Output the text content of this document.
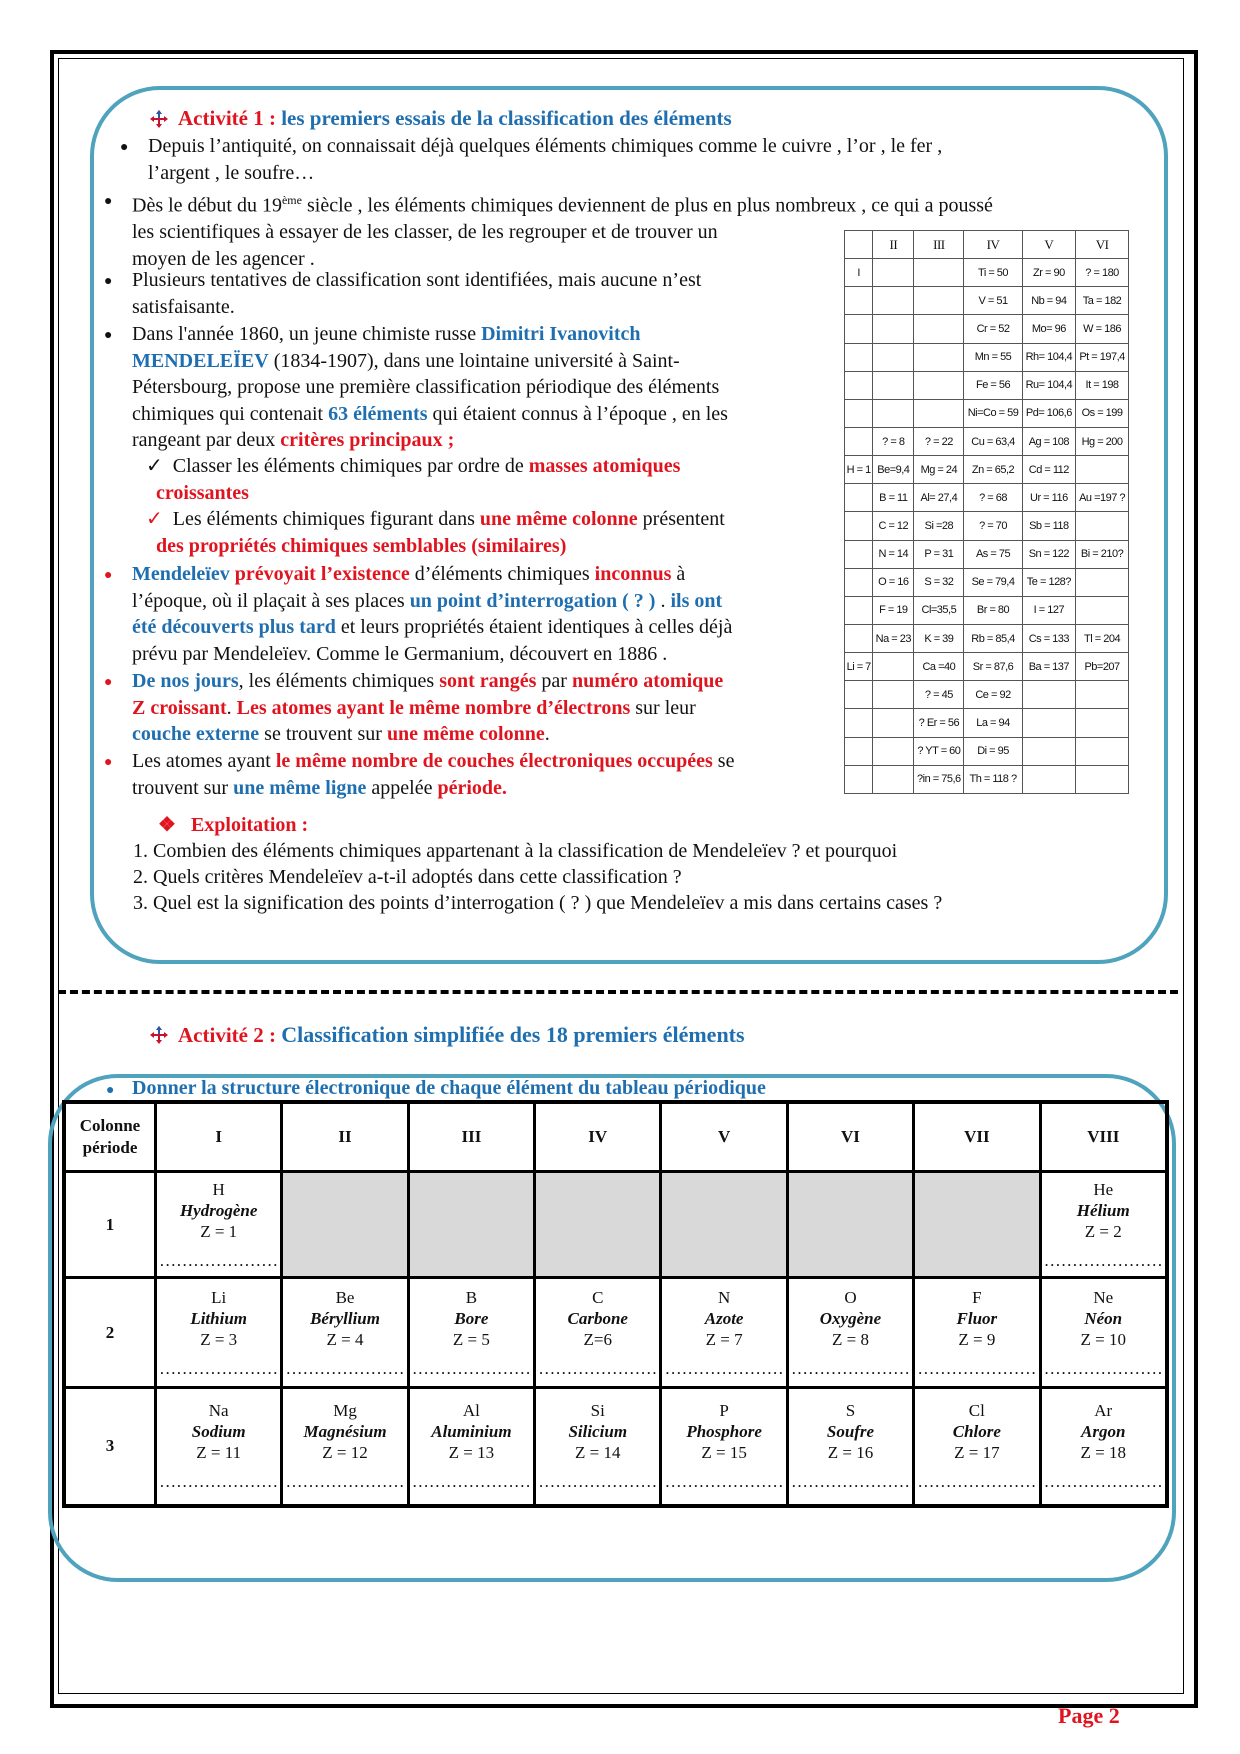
Activité 1 : les premiers essais de la classification des éléments
● Depuis l’antiquité, on connaissait déjà quelques éléments chimiques comme le cuivre , l’or , le fer ,
l’argent , le soufre…
● Dès le début du 19ème siècle , les éléments chimiques deviennent de plus en plus nombreux , ce qui a poussé
les scientifiques à essayer de les classer, de les regrouper et de trouver un
moyen de les agencer .
● Plusieurs tentatives de classification sont identifiées, mais aucune n’est
satisfaisante.
● Dans l'année 1860, un jeune chimiste russe Dimitri Ivanovitch
MENDELEÏEV (1834-1907), dans une lointaine université à Saint-
Pétersbourg, propose une première classification périodique des éléments
chimiques qui contenait 63 éléments qui étaient connus à l’époque , en les
rangeant par deux critères principaux ;
✓ Classer les éléments chimiques par ordre de masses atomiques
croissantes
✓ Les éléments chimiques figurant dans une même colonne présentent
des propriétés chimiques semblables (similaires)
● Mendeleïev prévoyait l’existence d’éléments chimiques inconnus à
l’époque, où il plaçait à ses places un point d’interrogation ( ? ) . ils ont
été découverts plus tard et leurs propriétés étaient identiques à celles déjà
prévu par Mendeleïev. Comme le Germanium, découvert en 1886 .
● De nos jours, les éléments chimiques sont rangés par numéro atomique
Z croissant. Les atomes ayant le même nombre d’électrons sur leur
couche externe se trouvent sur une même colonne.
● Les atomes ayant le même nombre de couches électroniques occupées se
trouvent sur une même ligne appelée période.
	II	III	IV	V	VI
I			Ti = 50	Zr = 90	? = 180
			V = 51	Nb = 94	Ta = 182
			Cr = 52	Mo= 96	W = 186
			Mn = 55	Rh= 104,4	Pt = 197,4
			Fe = 56	Ru= 104,4	It = 198
			Ni=Co = 59	Pd= 106,6	Os = 199
	? = 8	? = 22	Cu = 63,4	Ag = 108	Hg = 200
H = 1	Be=9,4	Mg = 24	Zn = 65,2	Cd = 112	
	B = 11	Al= 27,4	? = 68	Ur = 116	Au =197 ?
	C = 12	Si =28	? = 70	Sb = 118	
	N = 14	P = 31	As = 75	Sn = 122	Bi = 210?
	O = 16	S = 32	Se = 79,4	Te = 128?	
	F = 19	Cl=35,5	Br = 80	I = 127	
	Na = 23	K = 39	Rb = 85,4	Cs = 133	Tl = 204
Li = 7		Ca =40	Sr = 87,6	Ba = 137	Pb=207
		? = 45	Ce = 92		
		? Er = 56	La = 94		
		? YT = 60	Di = 95		
		?in = 75,6	Th = 118 ?		
❖ Exploitation :
1. Combien des éléments chimiques appartenant à la classification de Mendeleïev ? et pourquoi
2. Quels critères Mendeleïev a-t-il adoptés dans cette classification ?
3. Quel est la signification des points d’interrogation ( ? ) que Mendeleïev a mis dans certains cases ?
Activité 2 : Classification simplifiée des 18 premiers éléments
● Donner la structure électronique de chaque élément du tableau périodique
Colonne
période	I	II	III	IV	V	VI	VII	VIII
1	H
Hydrogène
Z = 1
…………………							He
Hélium
Z = 2
…………………

2	Li
Lithium
Z = 3
…………………	Be
Béryllium
Z = 4
…………………	B
Bore
Z = 5
…………………	C
Carbone
Z=6
…………………	N
Azote
Z = 7
…………………	O
Oxygène
Z = 8
…………………	F
Fluor
Z = 9
…………………	Ne
Néon
Z = 10
…………………

3	Na
Sodium
Z = 11
…………………	Mg
Magnésium
Z = 12
…………………	Al
Aluminium
Z = 13
…………………	Si
Silicium
Z = 14
…………………	P
Phosphore
Z = 15
…………………	S
Soufre
Z = 16
…………………	Cl
Chlore
Z = 17
…………………	Ar
Argon
Z = 18
…………………
Page 2
